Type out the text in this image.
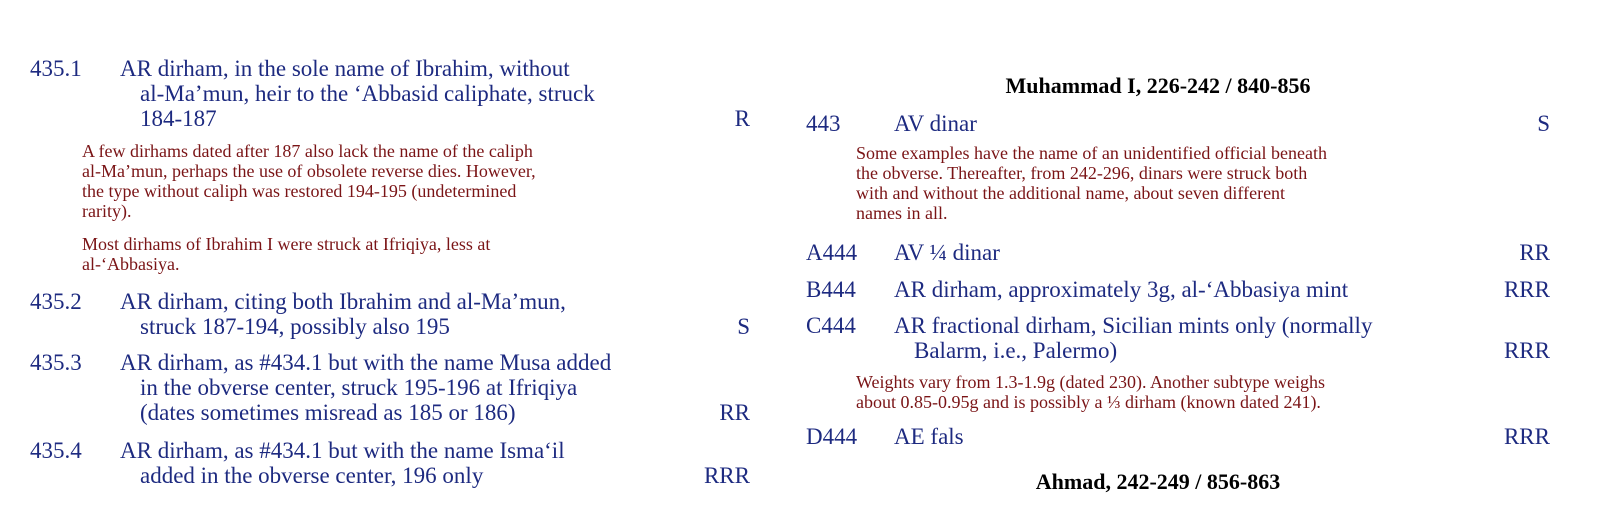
435.1 AR dirham, in the sole name of Ibrahim, without
al-Ma’mun, heir to the ‘Abbasid caliphate, struck
184-187	R
A few dirhams dated after 187 also lack the name of the caliph
al-Ma’mun, perhaps the use of obsolete reverse dies. However,
the type without caliph was restored 194-195 (undetermined
rarity).
Most dirhams of Ibrahim I were struck at Ifriqiya, less at
al-‘Abbasiya.
435.2 AR dirham, citing both Ibrahim and al-Ma’mun,
struck 187-194, possibly also 195	S
435.3 AR dirham, as #434.1 but with the name Musa added
in the obverse center, struck 195-196 at Ifriqiya
(dates sometimes misread as 185 or 186)	RR
435.4 AR dirham, as #434.1 but with the name Isma‘il
added in the obverse center, 196 only	RRR
Muhammad I, 226-242 / 840-856
443 AV dinar	S
Some examples have the name of an unidentified official beneath
the obverse. Thereafter, from 242-296, dinars were struck both
with and without the additional name, about seven different
names in all.
A444 AV ¼ dinar	RR
B444 AR dirham, approximately 3g, al-‘Abbasiya mint	RRR
C444 AR fractional dirham, Sicilian mints only (normally
Balarm, i.e., Palermo)	RRR
Weights vary from 1.3-1.9g (dated 230). Another subtype weighs
about 0.85-0.95g and is possibly a ⅓ dirham (known dated 241).
D444 AE fals	RRR
Ahmad, 242-249 / 856-863
